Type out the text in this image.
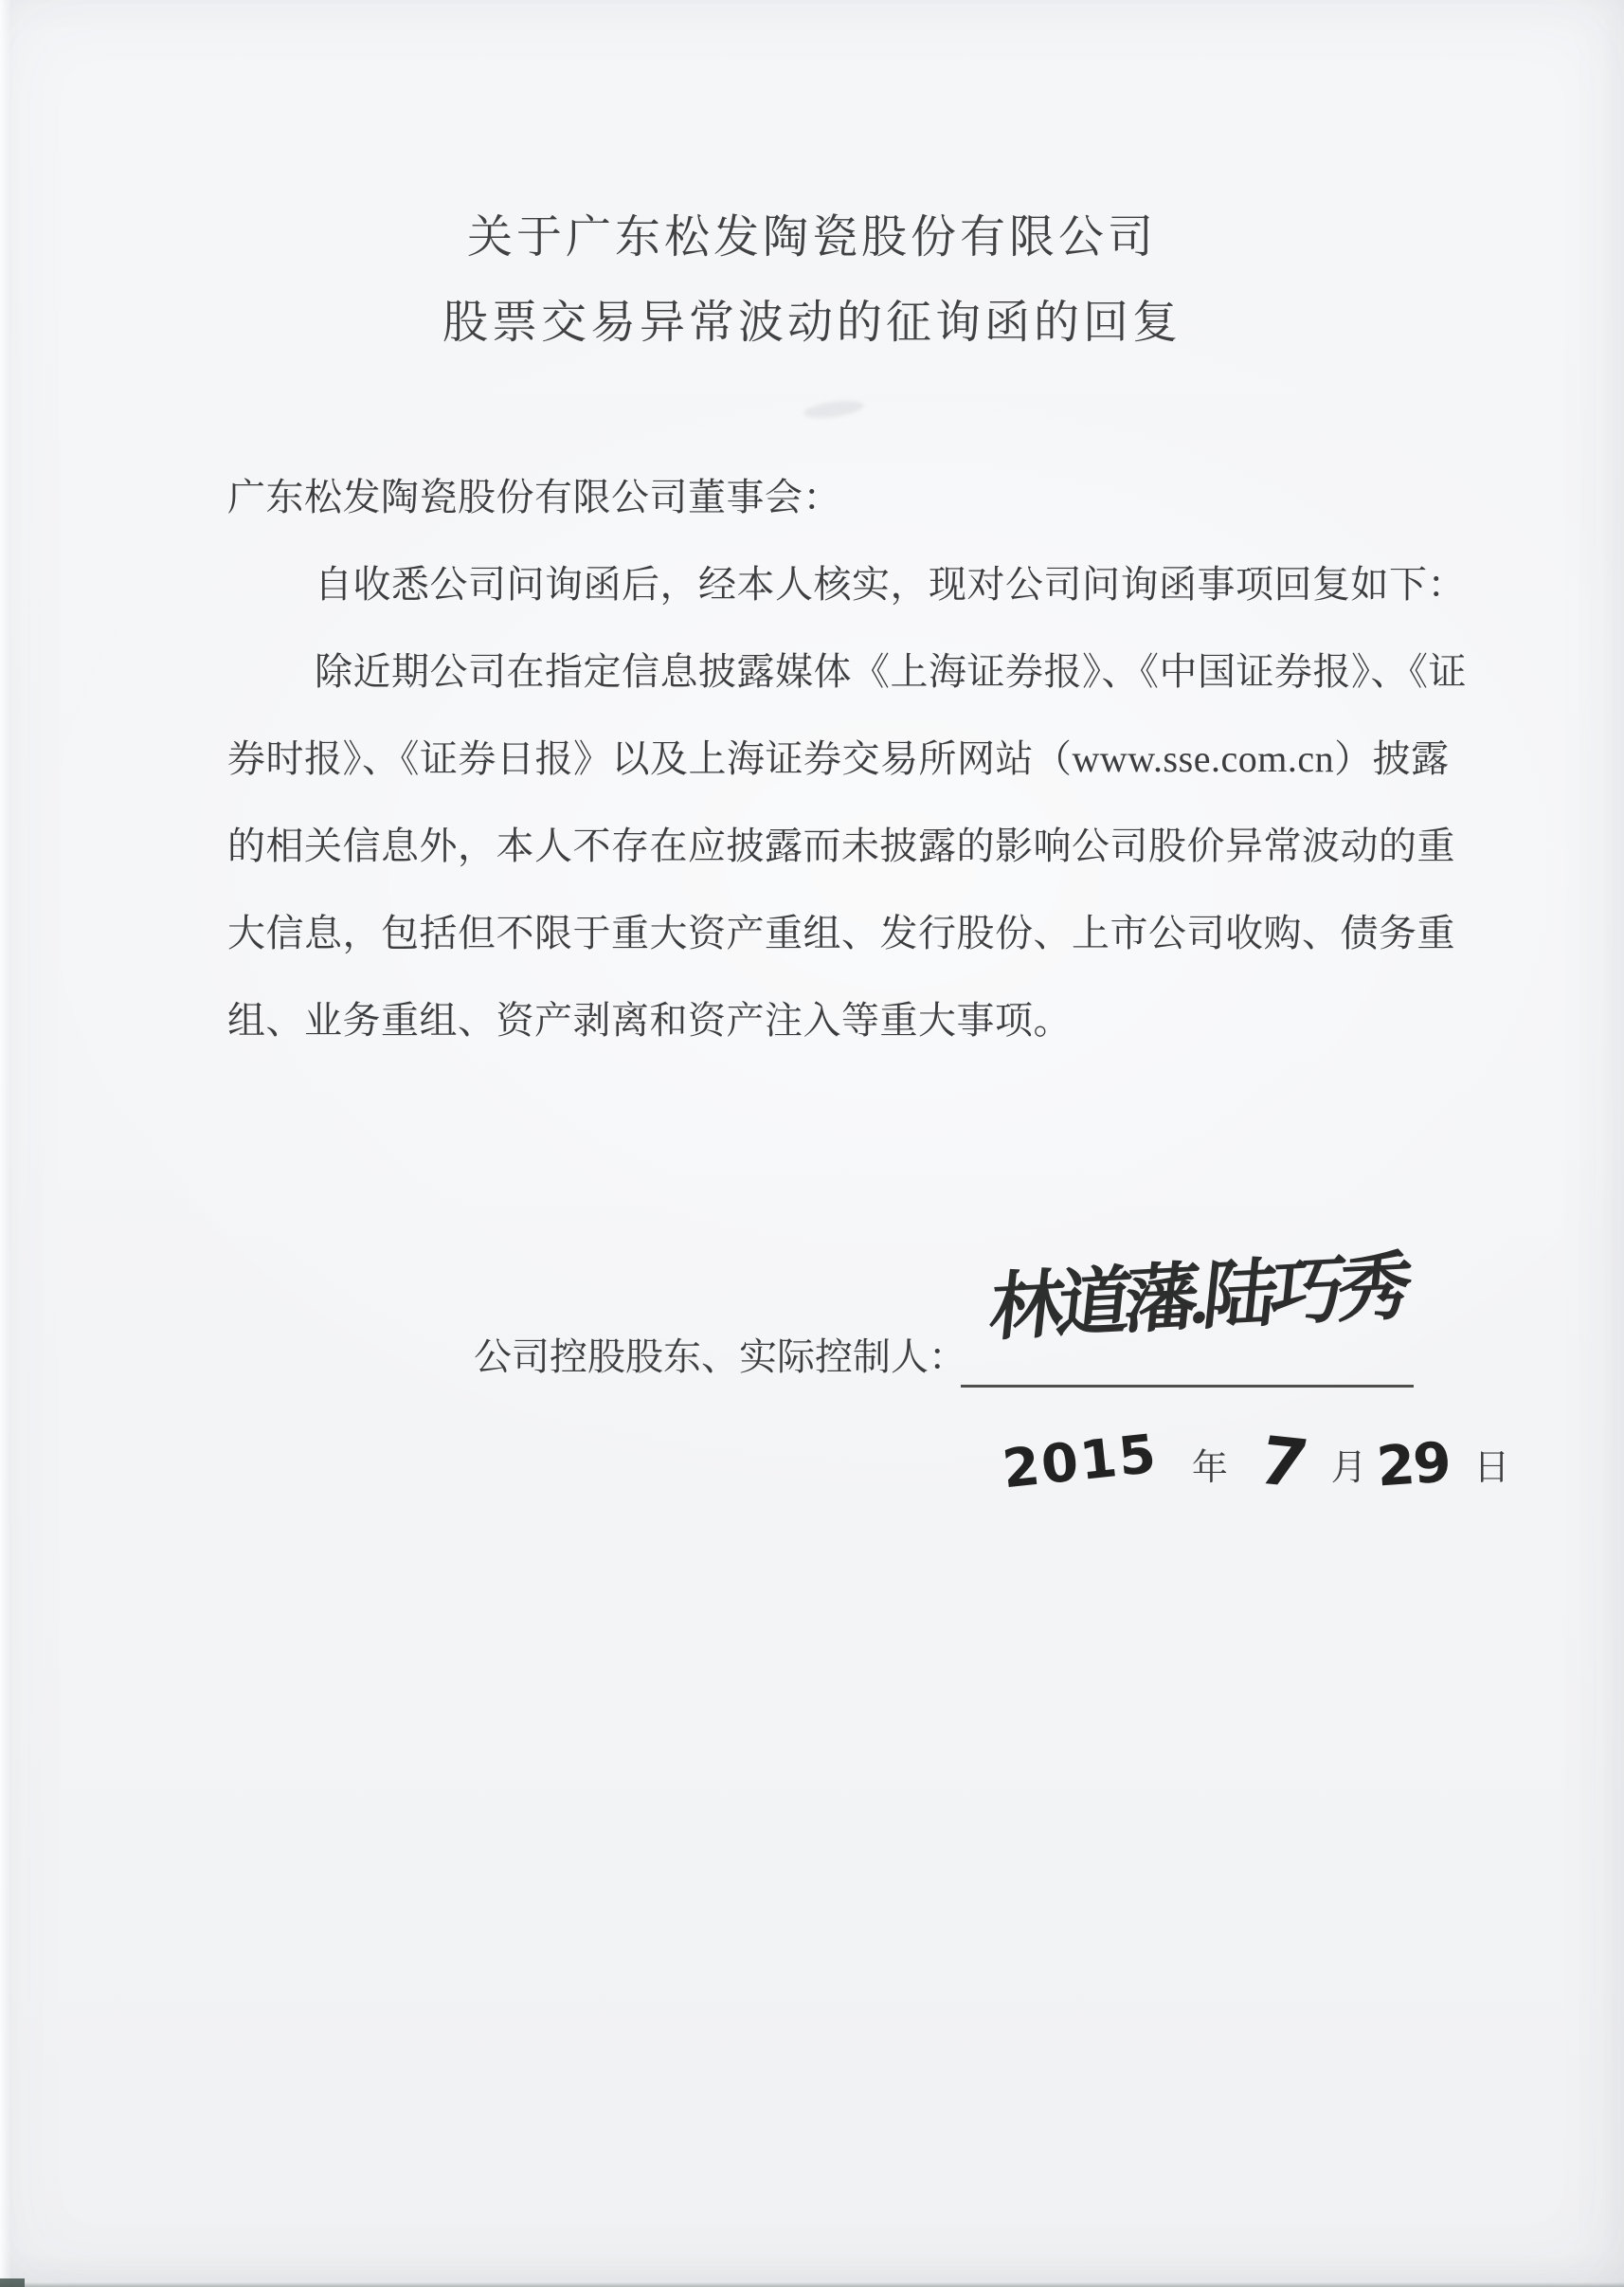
关于广东松发陶瓷股份有限公司
股票交易异常波动的征询函的回复
广东松发陶瓷股份有限公司董事会：
自收悉公司问询函后，经本人核实，现对公司问询函事项回复如下：
除近期公司在指定信息披露媒体《上海证券报》、《中国证券报》、《证
券时报》、《证券日报》以及上海证券交易所网站（www.sse.com.cn）披露
的相关信息外，本人不存在应披露而未披露的影响公司股价异常波动的重
大信息，包括但不限于重大资产重组、发行股份、上市公司收购、债务重
组、业务重组、资产剥离和资产注入等重大事项。
公司控股股东、实际控制人：
林道藩.陆巧秀
2015 年 7 月 29 日
